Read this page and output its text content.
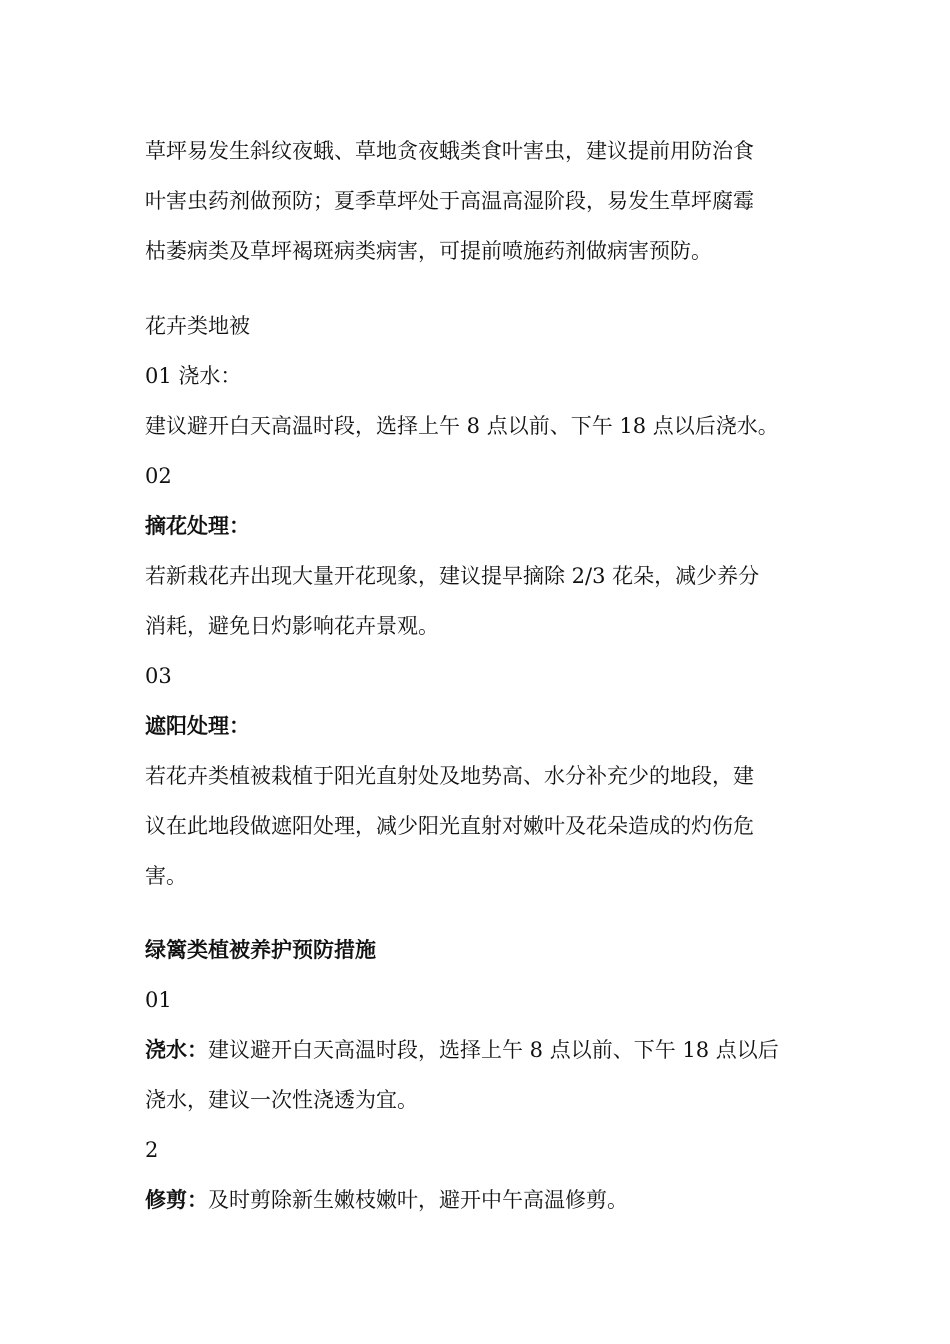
草坪易发生斜纹夜蛾、草地贪夜蛾类食叶害虫，建议提前用防治食
叶害虫药剂做预防；夏季草坪处于高温高湿阶段，易发生草坪腐霉
枯萎病类及草坪褐斑病类病害，可提前喷施药剂做病害预防。
花卉类地被
01 浇水：
建议避开白天高温时段，选择上午 8 点以前、下午 18 点以后浇水。
02
摘花处理：
若新栽花卉出现大量开花现象，建议提早摘除 2/3 花朵，减少养分
消耗，避免日灼影响花卉景观。
03
遮阳处理：
若花卉类植被栽植于阳光直射处及地势高、水分补充少的地段，建
议在此地段做遮阳处理，减少阳光直射对嫩叶及花朵造成的灼伤危
害。
绿篱类植被养护预防措施
01
浇水：建议避开白天高温时段，选择上午 8 点以前、下午 18 点以后
浇水，建议一次性浇透为宜。
2
修剪：及时剪除新生嫩枝嫩叶，避开中午高温修剪。
